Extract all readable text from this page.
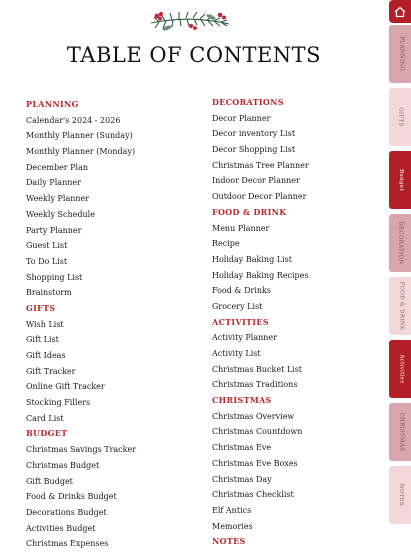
TABLE OF CONTENTS
PLANNING
Calendar's 2024 - 2026
Monthly Planner (Sunday)
Monthly Planner (Monday)
December Plan
Daily Planner
Weekly Planner
Weekly Schedule
Party Planner
Guest List
To Do List
Shopping List
Brainstorm
GIFTS
Wish List
Gift List
Gift Ideas
Gift Tracker
Online Gift Tracker
Stocking Fillers
Card List
BUDGET
Christmas Savings Tracker
Christmas Budget
Gift Budget
Food & Drinks Budget
Decorations Budget
Activities Budget
Christmas Expenses
DECORATIONS
Decor Planner
Decor inventory List
Decor Shopping List
Christmas Tree Planner
Indoor Decor Planner
Outdoor Decor Planner
FOOD & DRINK
Menu Planner
Recipe
Holiday Baking List
Holiday Baking Recipes
Food & Drinks
Grocery List
ACTIVITIES
Activity Planner
Activity List
Christmas Bucket List
Christmas Traditions
CHRISTMAS
Christmas Overview
Christmas Countdown
Christmas Eve
Christmas Eve Boxes
Christmas Day
Christmas Checklist
Elf Antics
Memories
NOTES
PLANNING
GIFTS
Budget
DECORATION
FOOD & DRINK
Activities
CHRISTMAS
NOTES
